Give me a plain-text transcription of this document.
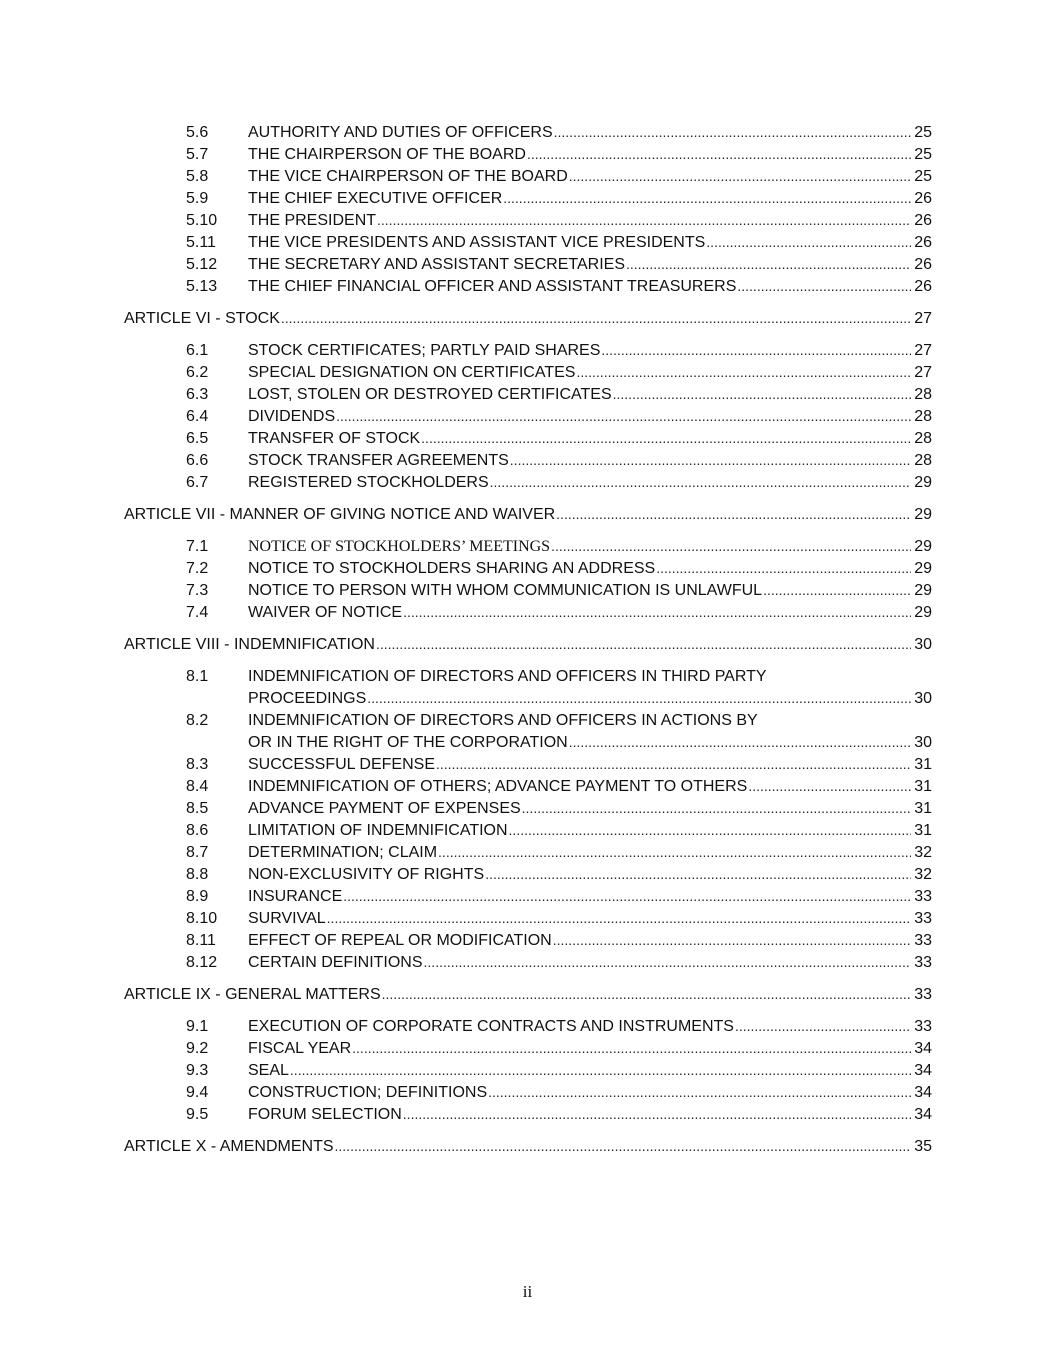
5.6	AUTHORITY AND DUTIES OF OFFICERS .....	25
5.7	THE CHAIRPERSON OF THE BOARD .....	25
5.8	THE VICE CHAIRPERSON OF THE BOARD .....	25
5.9	THE CHIEF EXECUTIVE OFFICER .....	26
5.10	THE PRESIDENT .....	26
5.11	THE VICE PRESIDENTS AND ASSISTANT VICE PRESIDENTS .....	26
5.12	THE SECRETARY AND ASSISTANT SECRETARIES .....	26
5.13	THE CHIEF FINANCIAL OFFICER AND ASSISTANT TREASURERS .....	26
ARTICLE VI - STOCK .....	27
6.1	STOCK CERTIFICATES; PARTLY PAID SHARES .....	27
6.2	SPECIAL DESIGNATION ON CERTIFICATES .....	27
6.3	LOST, STOLEN OR DESTROYED CERTIFICATES .....	28
6.4	DIVIDENDS .....	28
6.5	TRANSFER OF STOCK .....	28
6.6	STOCK TRANSFER AGREEMENTS .....	28
6.7	REGISTERED STOCKHOLDERS .....	29
ARTICLE VII - MANNER OF GIVING NOTICE AND WAIVER .....	29
7.1	NOTICE OF STOCKHOLDERS’ MEETINGS .....	29
7.2	NOTICE TO STOCKHOLDERS SHARING AN ADDRESS .....	29
7.3	NOTICE TO PERSON WITH WHOM COMMUNICATION IS UNLAWFUL .....	29
7.4	WAIVER OF NOTICE .....	29
ARTICLE VIII - INDEMNIFICATION .....	30
8.1	INDEMNIFICATION OF DIRECTORS AND OFFICERS IN THIRD PARTY
PROCEEDINGS .....	30
8.2	INDEMNIFICATION OF DIRECTORS AND OFFICERS IN ACTIONS BY
OR IN THE RIGHT OF THE CORPORATION .....	30
8.3	SUCCESSFUL DEFENSE .....	31
8.4	INDEMNIFICATION OF OTHERS; ADVANCE PAYMENT TO OTHERS .....	31
8.5	ADVANCE PAYMENT OF EXPENSES .....	31
8.6	LIMITATION OF INDEMNIFICATION .....	31
8.7	DETERMINATION; CLAIM .....	32
8.8	NON-EXCLUSIVITY OF RIGHTS .....	32
8.9	INSURANCE .....	33
8.10	SURVIVAL .....	33
8.11	EFFECT OF REPEAL OR MODIFICATION .....	33
8.12	CERTAIN DEFINITIONS .....	33
ARTICLE IX - GENERAL MATTERS .....	33
9.1	EXECUTION OF CORPORATE CONTRACTS AND INSTRUMENTS .....	33
9.2	FISCAL YEAR .....	34
9.3	SEAL .....	34
9.4	CONSTRUCTION; DEFINITIONS .....	34
9.5	FORUM SELECTION .....	34
ARTICLE X - AMENDMENTS .....	35
ii
